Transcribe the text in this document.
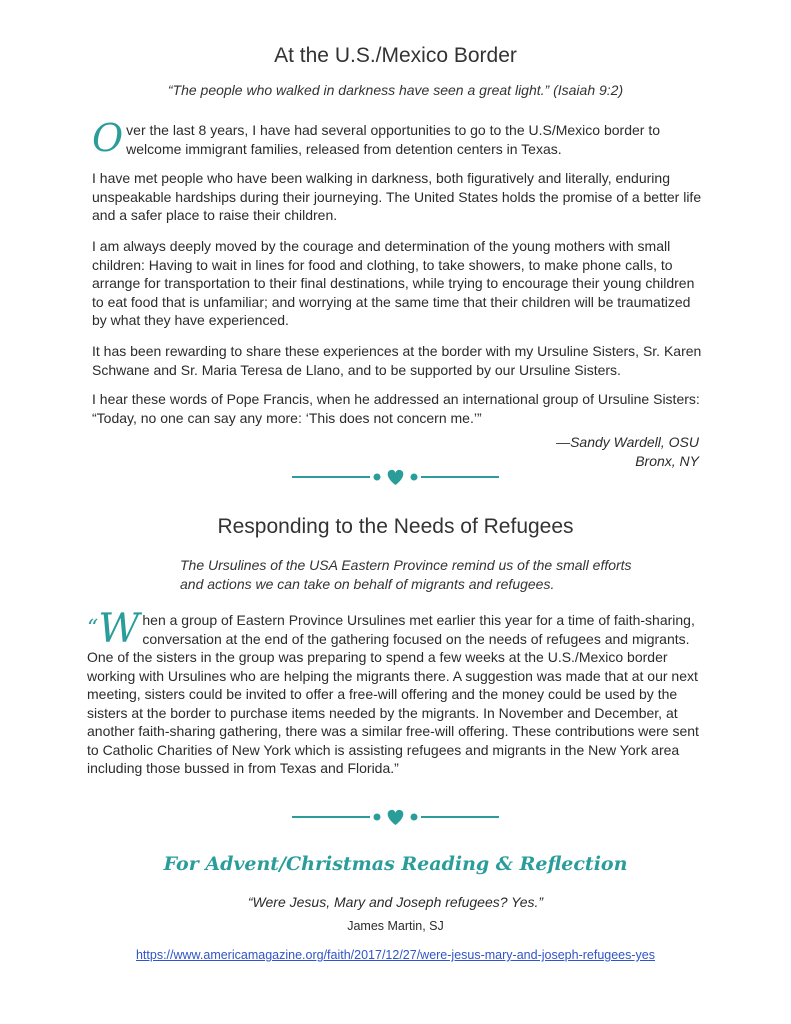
At the U.S./Mexico Border
“The people who walked in darkness have seen a great light.” (Isaiah 9:2)

Over the last 8 years, I have had several opportunities to go to the U.S/Mexico border to welcome immigrant families, released from detention centers in Texas.

I have met people who have been walking in darkness, both figuratively and literally, enduring unspeakable hardships during their journeying. The United States holds the promise of a better life and a safer place to raise their children.

I am always deeply moved by the courage and determination of the young mothers with small children: Having to wait in lines for food and clothing, to take showers, to make phone calls, to arrange for transportation to their final destinations, while trying to encourage their young children to eat food that is unfamiliar; and worrying at the same time that their children will be traumatized by what they have experienced.

It has been rewarding to share these experiences at the border with my Ursuline Sisters, Sr. Karen Schwane and Sr. Maria Teresa de Llano, and to be supported by our Ursuline Sisters.

I hear these words of Pope Francis, when he addressed an international group of Ursuline Sisters: “Today, no one can say any more: ‘This does not concern me.’”

—Sandy Wardell, OSU
Bronx, NY
Responding to the Needs of Refugees
The Ursulines of the USA Eastern Province remind us of the small efforts and actions we can take on behalf of migrants and refugees.

“W hen a group of Eastern Province Ursulines met earlier this year for a time of faith-sharing, conversation at the end of the gathering focused on the needs of refugees and migrants. One of the sisters in the group was preparing to spend a few weeks at the U.S./Mexico border working with Ursulines who are helping the migrants there. A suggestion was made that at our next meeting, sisters could be invited to offer a free-will offering and the money could be used by the sisters at the border to purchase items needed by the migrants. In November and December, at another faith-sharing gathering, there was a similar free-will offering. These contributions were sent to Catholic Charities of New York which is assisting refugees and migrants in the New York area including those bussed in from Texas and Florida.”

For Advent/Christmas Reading & Reflection
“Were Jesus, Mary and Joseph refugees? Yes.”
James Martin, SJ
https://www.americamagazine.org/faith/2017/12/27/were-jesus-mary-and-joseph-refugees-yes
